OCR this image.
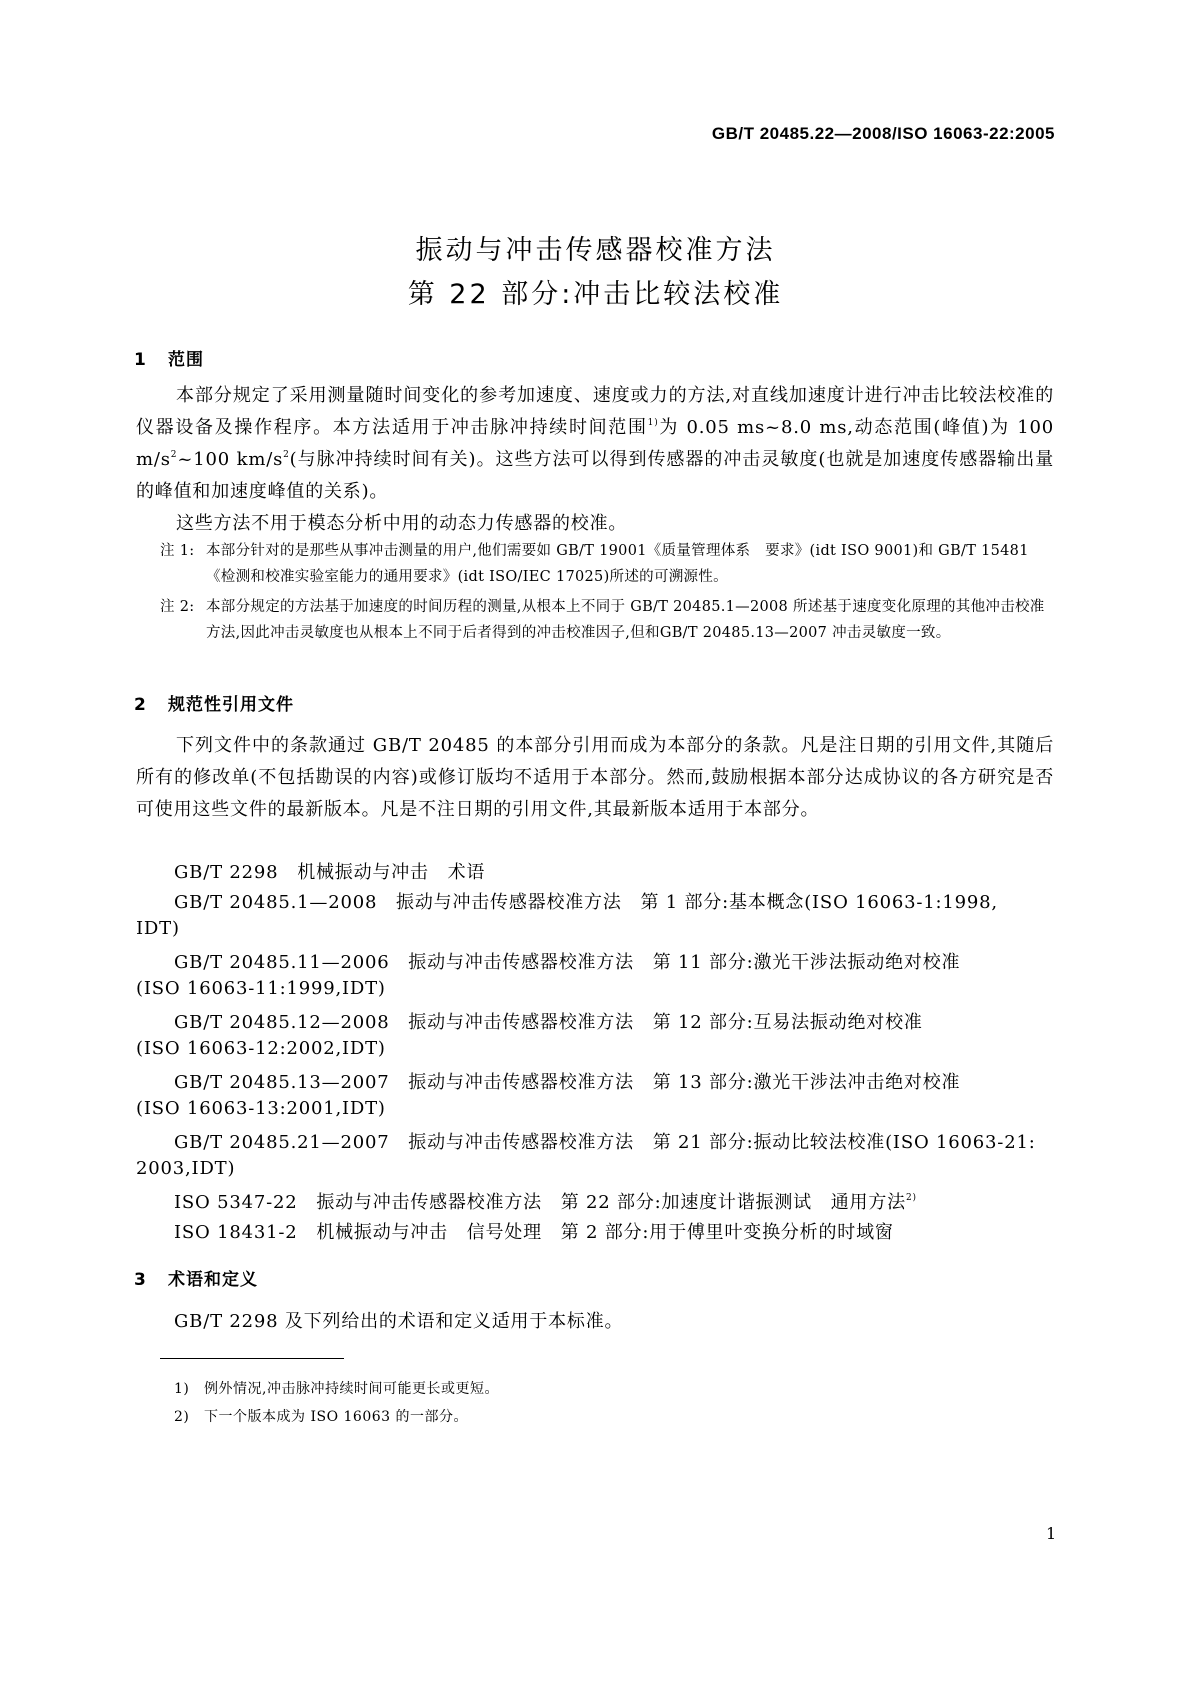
GB/T 20485.22—2008/ISO 16063-22:2005
振动与冲击传感器校准方法
第 22 部分:冲击比较法校准
1 范围
本部分规定了采用测量随时间变化的参考加速度、速度或力的方法,对直线加速度计进行冲击比较法校准的仪器设备及操作程序。本方法适用于冲击脉冲持续时间范围$^{1)}$为 0.05 ms~8.0 ms,动态范围(峰值)为 100 $m/s^2\sim 100$ $km/s^2$(与脉冲持续时间有关)。这些方法可以得到传感器的冲击灵敏度(也就是加速度传感器输出量的峰值和加速度峰值的关系)。
这些方法不用于模态分析中用的动态力传感器的校准。
注 1: 本部分针对的是那些从事冲击测量的用户,他们需要如 GB/T 19001《质量管理体系　要求》(idt ISO 9001)和 GB/T 15481《检测和校准实验室能力的通用要求》(idt ISO/IEC 17025)所述的可溯源性。
注 2: 本部分规定的方法基于加速度的时间历程的测量,从根本上不同于 GB/T 20485.1—2008 所述基于速度变化原理的其他冲击校准方法,因此冲击灵敏度也从根本上不同于后者得到的冲击校准因子,但和GB/T 20485.13—2007 冲击灵敏度一致。
2 规范性引用文件
下列文件中的条款通过 GB/T 20485 的本部分引用而成为本部分的条款。凡是注日期的引用文件,其随后所有的修改单(不包括勘误的内容)或修订版均不适用于本部分。然而,鼓励根据本部分达成协议的各方研究是否可使用这些文件的最新版本。凡是不注日期的引用文件,其最新版本适用于本部分。
GB/T 2298　机械振动与冲击　术语
GB/T 20485.1—2008　振动与冲击传感器校准方法　第 1 部分:基本概念(ISO 16063-1:1998,
IDT)
GB/T 20485.11—2006　振动与冲击传感器校准方法　第 11 部分:激光干涉法振动绝对校准
(ISO 16063-11:1999,IDT)
GB/T 20485.12—2008　振动与冲击传感器校准方法　第 12 部分:互易法振动绝对校准
(ISO 16063-12:2002,IDT)
GB/T 20485.13—2007　振动与冲击传感器校准方法　第 13 部分:激光干涉法冲击绝对校准
(ISO 16063-13:2001,IDT)
GB/T 20485.21—2007　振动与冲击传感器校准方法　第 21 部分:振动比较法校准(ISO 16063-21:
2003,IDT)
ISO 5347-22　振动与冲击传感器校准方法　第 22 部分:加速度计谐振测试　通用方法$^{2)}$
ISO 18431-2　机械振动与冲击　信号处理　第 2 部分:用于傅里叶变换分析的时域窗
3 术语和定义
GB/T 2298 及下列给出的术语和定义适用于本标准。
1) 例外情况,冲击脉冲持续时间可能更长或更短。
2) 下一个版本成为 ISO 16063 的一部分。
1
